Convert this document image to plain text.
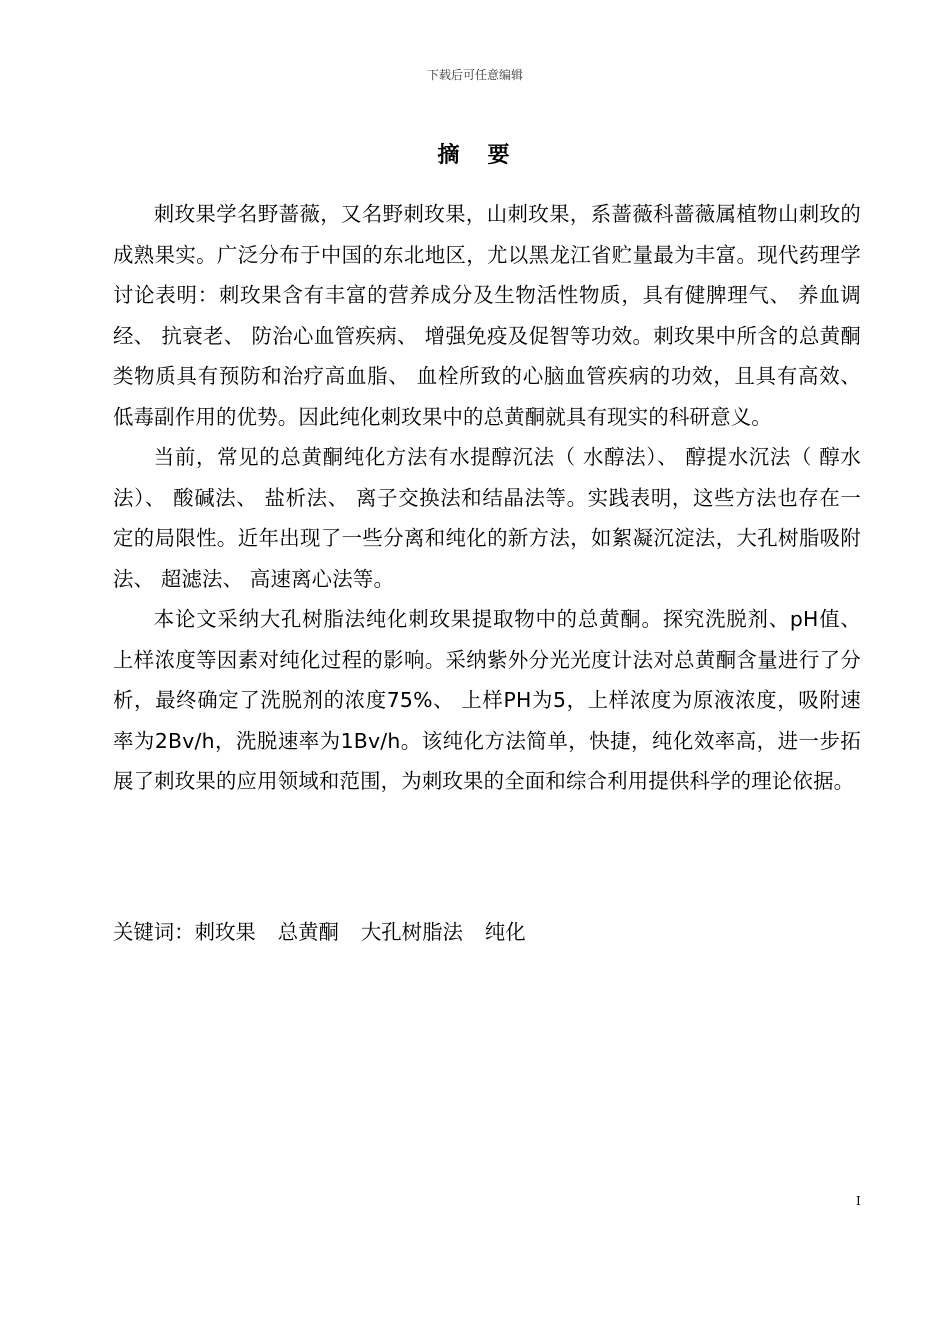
下载后可任意编辑
摘要

刺玫果学名野蔷薇，又名野刺玫果，山刺玫果，系蔷薇科蔷薇属植物山刺玫的成熟果实。广泛分布于中国的东北地区，尤以黑龙江省贮量最为丰富。现代药理学讨论表明：刺玫果含有丰富的营养成分及生物活性物质，具有健脾理气、 养血调经、 抗衰老、 防治心血管疾病、 增强免疫及促智等功效。刺玫果中所含的总黄酮类物质具有预防和治疗高血脂、 血栓所致的心脑血管疾病的功效，且具有高效、 低毒副作用的优势。因此纯化刺玫果中的总黄酮就具有现实的科研意义。

当前，常见的总黄酮纯化方法有水提醇沉法（ 水醇法）、 醇提水沉法（ 醇水法）、 酸碱法、 盐析法、 离子交换法和结晶法等。实践表明，这些方法也存在一定的局限性。近年出现了一些分离和纯化的新方法，如絮凝沉淀法，大孔树脂吸附法、 超滤法、 高速离心法等。

本论文采纳大孔树脂法纯化刺玫果提取物中的总黄酮。探究洗脱剂、pH值、 上样浓度等因素对纯化过程的影响。采纳紫外分光光度计法对总黄酮含量进行了分析，最终确定了洗脱剂的浓度75%、 上样PH为5，上样浓度为原液浓度，吸附速率为2Bv/h，洗脱速率为1Bv/h。该纯化方法简单，快捷，纯化效率高，进一步拓展了刺玫果的应用领域和范围，为刺玫果的全面和综合利用提供科学的理论依据。

关键词：刺玫果 总黄酮 大孔树脂法 纯化
I
